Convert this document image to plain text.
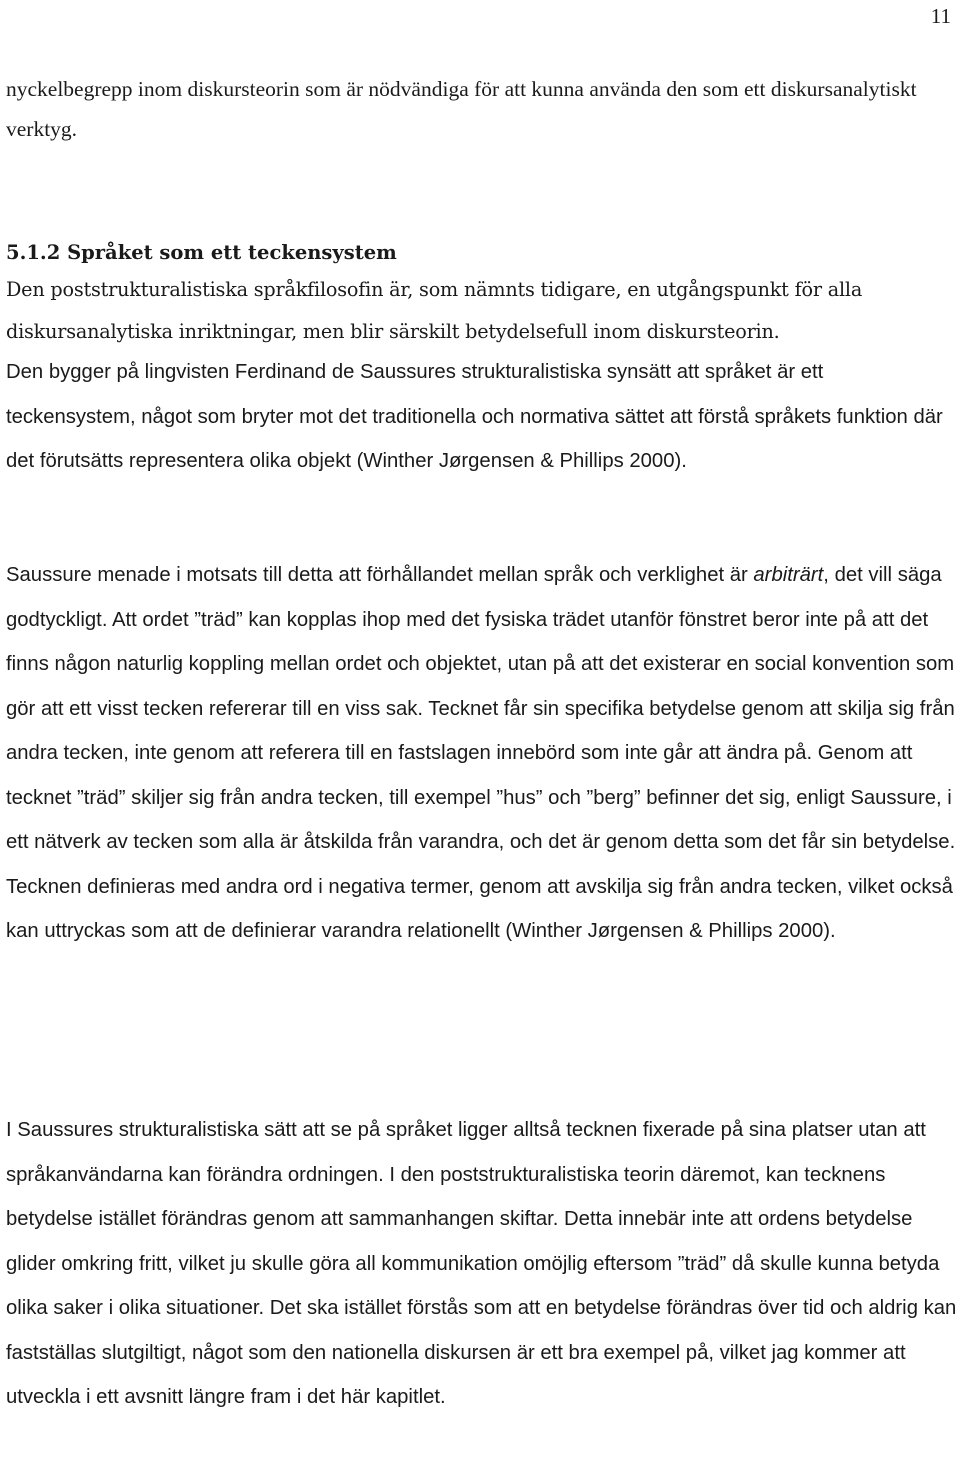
11

nyckelbegrepp inom diskursteorin som är nödvändiga för att kunna använda den som ett diskursanalytiskt verktyg.

5.1.2 Språket som ett teckensystem

Den poststrukturalistiska språkfilosofin är, som nämnts tidigare, en utgångspunkt för alla diskursanalytiska inriktningar, men blir särskilt betydelsefull inom diskursteorin.

Den bygger på lingvisten Ferdinand de Saussures strukturalistiska synsätt att språket är ett teckensystem, något som bryter mot det traditionella och normativa sättet att förstå språkets funktion där det förutsätts representera olika objekt (Winther Jørgensen & Phillips 2000).

Saussure menade i motsats till detta att förhållandet mellan språk och verklighet är arbiträrt, det vill säga godtyckligt. Att ordet ”träd” kan kopplas ihop med det fysiska trädet utanför fönstret beror inte på att det finns någon naturlig koppling mellan ordet och objektet, utan på att det existerar en social konvention som gör att ett visst tecken refererar till en viss sak. Tecknet får sin specifika betydelse genom att skilja sig från andra tecken, inte genom att referera till en fastslagen innebörd som inte går att ändra på. Genom att tecknet ”träd” skiljer sig från andra tecken, till exempel ”hus” och ”berg” befinner det sig, enligt Saussure, i ett nätverk av tecken som alla är åtskilda från varandra, och det är genom detta som det får sin betydelse. Tecknen definieras med andra ord i negativa termer, genom att avskilja sig från andra tecken, vilket också kan uttryckas som att de definierar varandra relationellt (Winther Jørgensen & Phillips 2000).

I Saussures strukturalistiska sätt att se på språket ligger alltså tecknen fixerade på sina platser utan att språkanvändarna kan förändra ordningen. I den poststrukturalistiska teorin däremot, kan tecknens betydelse istället förändras genom att sammanhangen skiftar. Detta innebär inte att ordens betydelse glider omkring fritt, vilket ju skulle göra all kommunikation omöjlig eftersom ”träd” då skulle kunna betyda olika saker i olika situationer. Det ska istället förstås som att en betydelse förändras över tid och aldrig kan fastställas slutgiltigt, något som den nationella diskursen är ett bra exempel på, vilket jag kommer att utveckla i ett avsnitt längre fram i det här kapitlet.
